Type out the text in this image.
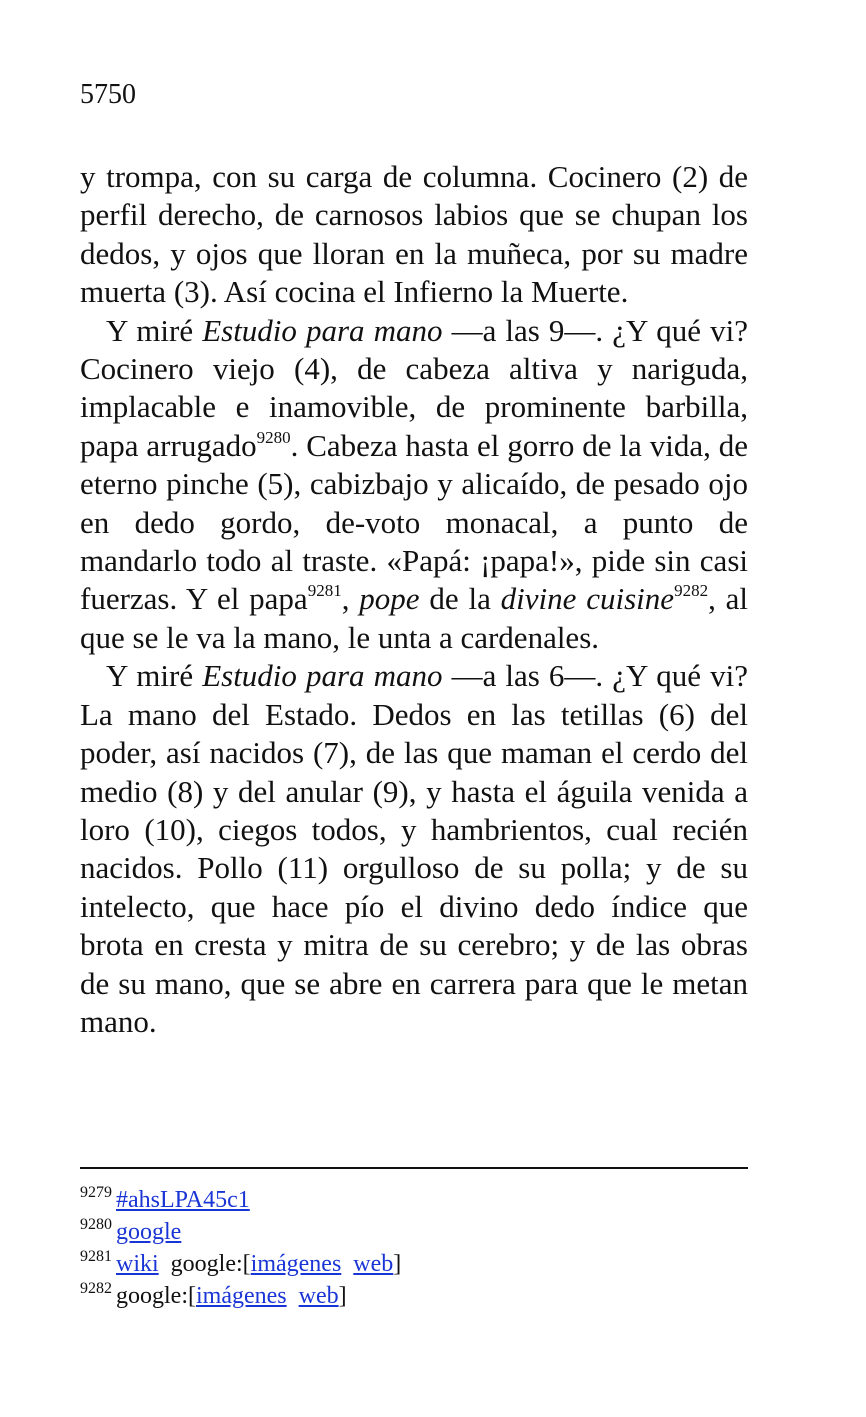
5750

y trompa, con su carga de columna. Cocinero (2) de perfil derecho, de carnosos labios que se chupan los dedos, y ojos que lloran en la muñeca, por su madre muerta (3). Así cocina el Infierno la Muerte.

Y miré Estudio para mano —a las 9—. ¿Y qué vi? Cocinero viejo (4), de cabeza altiva y nariguda, implacable e inamovible, de prominente barbilla, papa arrugado$^{9280}$. Cabeza hasta el gorro de la vida, de eterno pinche (5), cabizbajo y alicaído, de pesado ojo en dedo gordo, de-voto monacal, a punto de mandarlo todo al traste. «Papá: ¡papa!», pide sin casi fuerzas. Y el papa$^{9281}$, pope de la divine cuisine$^{9282}$, al que se le va la mano, le unta a cardenales.

Y miré Estudio para mano —a las 6—. ¿Y qué vi? La mano del Estado. Dedos en las tetillas (6) del poder, así nacidos (7), de las que maman el cerdo del medio (8) y del anular (9), y hasta el águila venida a loro (10), ciegos todos, y hambrientos, cual recién nacidos. Pollo (11) orgulloso de su polla; y de su intelecto, que hace pío el divino dedo índice que brota en cresta y mitra de su cerebro; y de las obras de su mano, que se abre en carrera para que le metan mano.

$^{9279}$ #ahsLPA45c1
$^{9280}$ google
$^{9281}$ wiki google:[imágenes web]
$^{9282}$ google:[imágenes web]
